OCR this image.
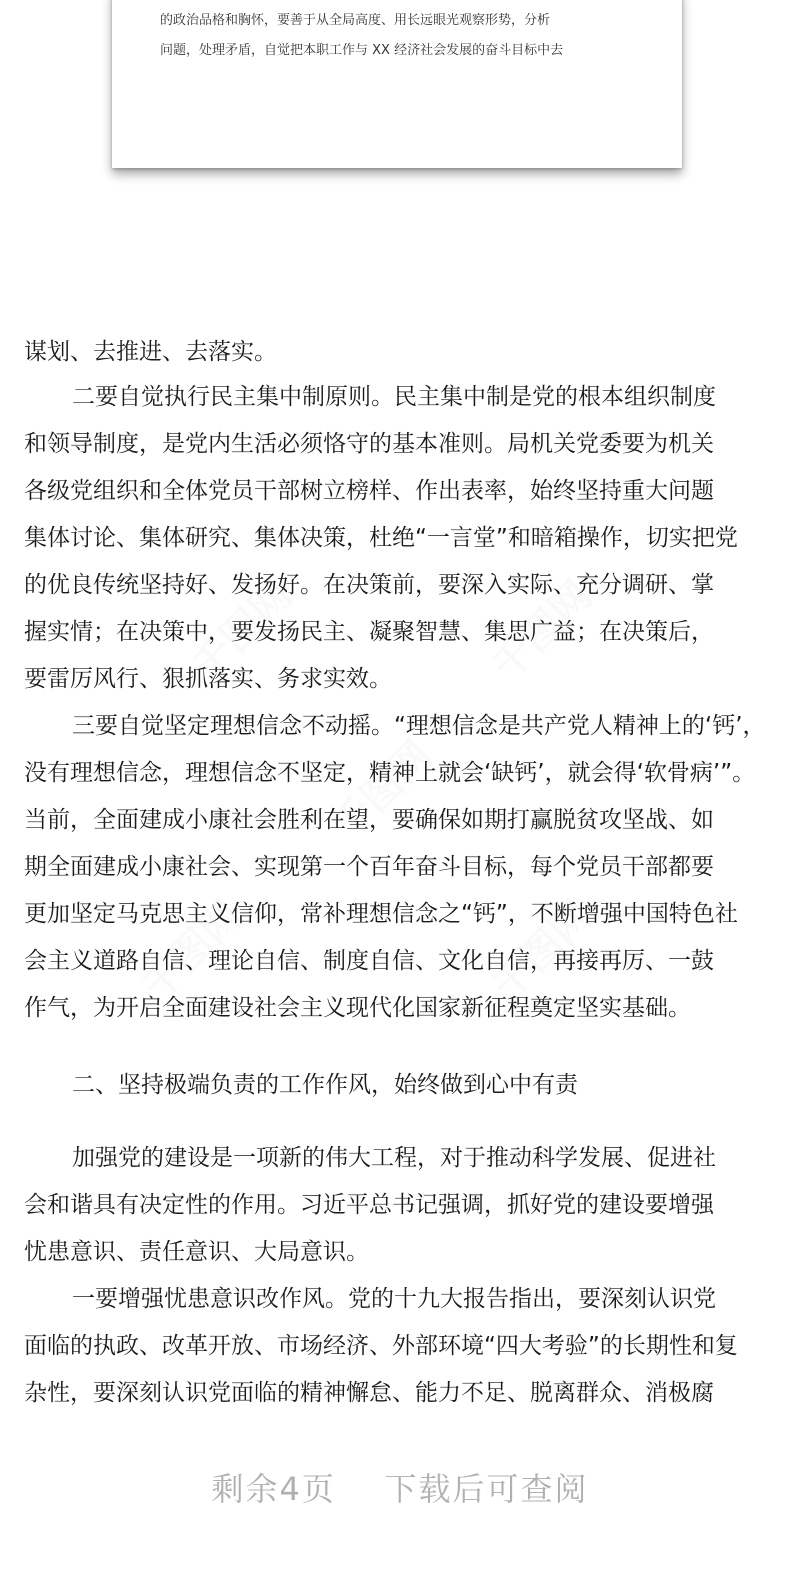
的政治品格和胸怀，要善于从全局高度、用长远眼光观察形势，分析
问题，处理矛盾，自觉把本职工作与 XX 经济社会发展的奋斗目标中去
千图网	千图网
千图网
千图网	千图网
谋划、去推进、去落实。
二要自觉执行民主集中制原则。民主集中制是党的根本组织制度
和领导制度，是党内生活必须恪守的基本准则。局机关党委要为机关
各级党组织和全体党员干部树立榜样、作出表率，始终坚持重大问题
集体讨论、集体研究、集体决策，杜绝“一言堂”和暗箱操作，切实把党
的优良传统坚持好、发扬好。在决策前，要深入实际、充分调研、掌
握实情；在决策中，要发扬民主、凝聚智慧、集思广益；在决策后，
要雷厉风行、狠抓落实、务求实效。
三要自觉坚定理想信念不动摇。“理想信念是共产党人精神上的‘钙’，
没有理想信念，理想信念不坚定，精神上就会‘缺钙’，就会得‘软骨病’”。
当前，全面建成小康社会胜利在望，要确保如期打赢脱贫攻坚战、如
期全面建成小康社会、实现第一个百年奋斗目标，每个党员干部都要
更加坚定马克思主义信仰，常补理想信念之“钙”，不断增强中国特色社
会主义道路自信、理论自信、制度自信、文化自信，再接再厉、一鼓
作气，为开启全面建设社会主义现代化国家新征程奠定坚实基础。
二、坚持极端负责的工作作风，始终做到心中有责
加强党的建设是一项新的伟大工程，对于推动科学发展、促进社
会和谐具有决定性的作用。习近平总书记强调，抓好党的建设要增强
忧患意识、责任意识、大局意识。
一要增强忧患意识改作风。党的十九大报告指出，要深刻认识党
面临的执政、改革开放、市场经济、外部环境“四大考验”的长期性和复
杂性，要深刻认识党面临的精神懈怠、能力不足、脱离群众、消极腐
剩余4页    下载后可查阅
